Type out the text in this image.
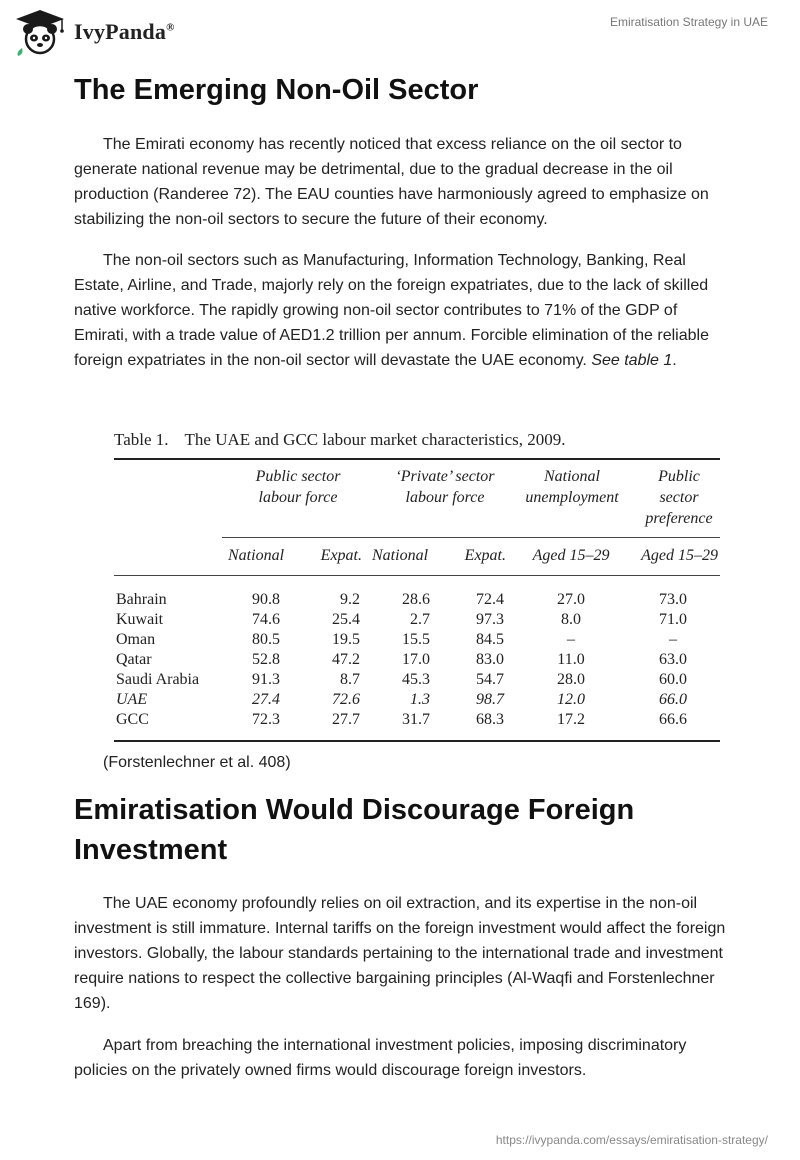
IvyPanda®	Emiratisation Strategy in UAE
The Emerging Non-Oil Sector

The Emirati economy has recently noticed that excess reliance on the oil sector to generate national revenue may be detrimental, due to the gradual decrease in the oil production (Randeree 72). The EAU counties have harmoniously agreed to emphasize on stabilizing the non-oil sectors to secure the future of their economy.

The non-oil sectors such as Manufacturing, Information Technology, Banking, Real Estate, Airline, and Trade, majorly rely on the foreign expatriates, due to the lack of skilled native workforce. The rapidly growing non-oil sector contributes to 71% of the GDP of Emirati, with a trade value of AED1.2 trillion per annum. Forcible elimination of the reliable foreign expatriates in the non-oil sector will devastate the UAE economy. See table 1.

Table 1. The UAE and GCC labour market characteristics, 2009.
	Public sector labour force		‘Private’ sector labour force		National unemployment	Public sector preference
	National	Expat.	National	Expat.	Aged 15–29	Aged 15–29
Bahrain	90.8	9.2	28.6	72.4	27.0	73.0
Kuwait	74.6	25.4	2.7	97.3	8.0	71.0
Oman	80.5	19.5	15.5	84.5	–	–
Qatar	52.8	47.2	17.0	83.0	11.0	63.0
Saudi Arabia	91.3	8.7	45.3	54.7	28.0	60.0
UAE	27.4	72.6	1.3	98.7	12.0	66.0
GCC	72.3	27.7	31.7	68.3	17.2	66.6
(Forstenlechner et al. 408)
Emiratisation Would Discourage Foreign Investment

The UAE economy profoundly relies on oil extraction, and its expertise in the non-oil investment is still immature. Internal tariffs on the foreign investment would affect the foreign investors. Globally, the labour standards pertaining to the international trade and investment require nations to respect the collective bargaining principles (Al-Waqfi and Forstenlechner 169).

Apart from breaching the international investment policies, imposing discriminatory policies on the privately owned firms would discourage foreign investors.

https://ivypanda.com/essays/emiratisation-strategy/
